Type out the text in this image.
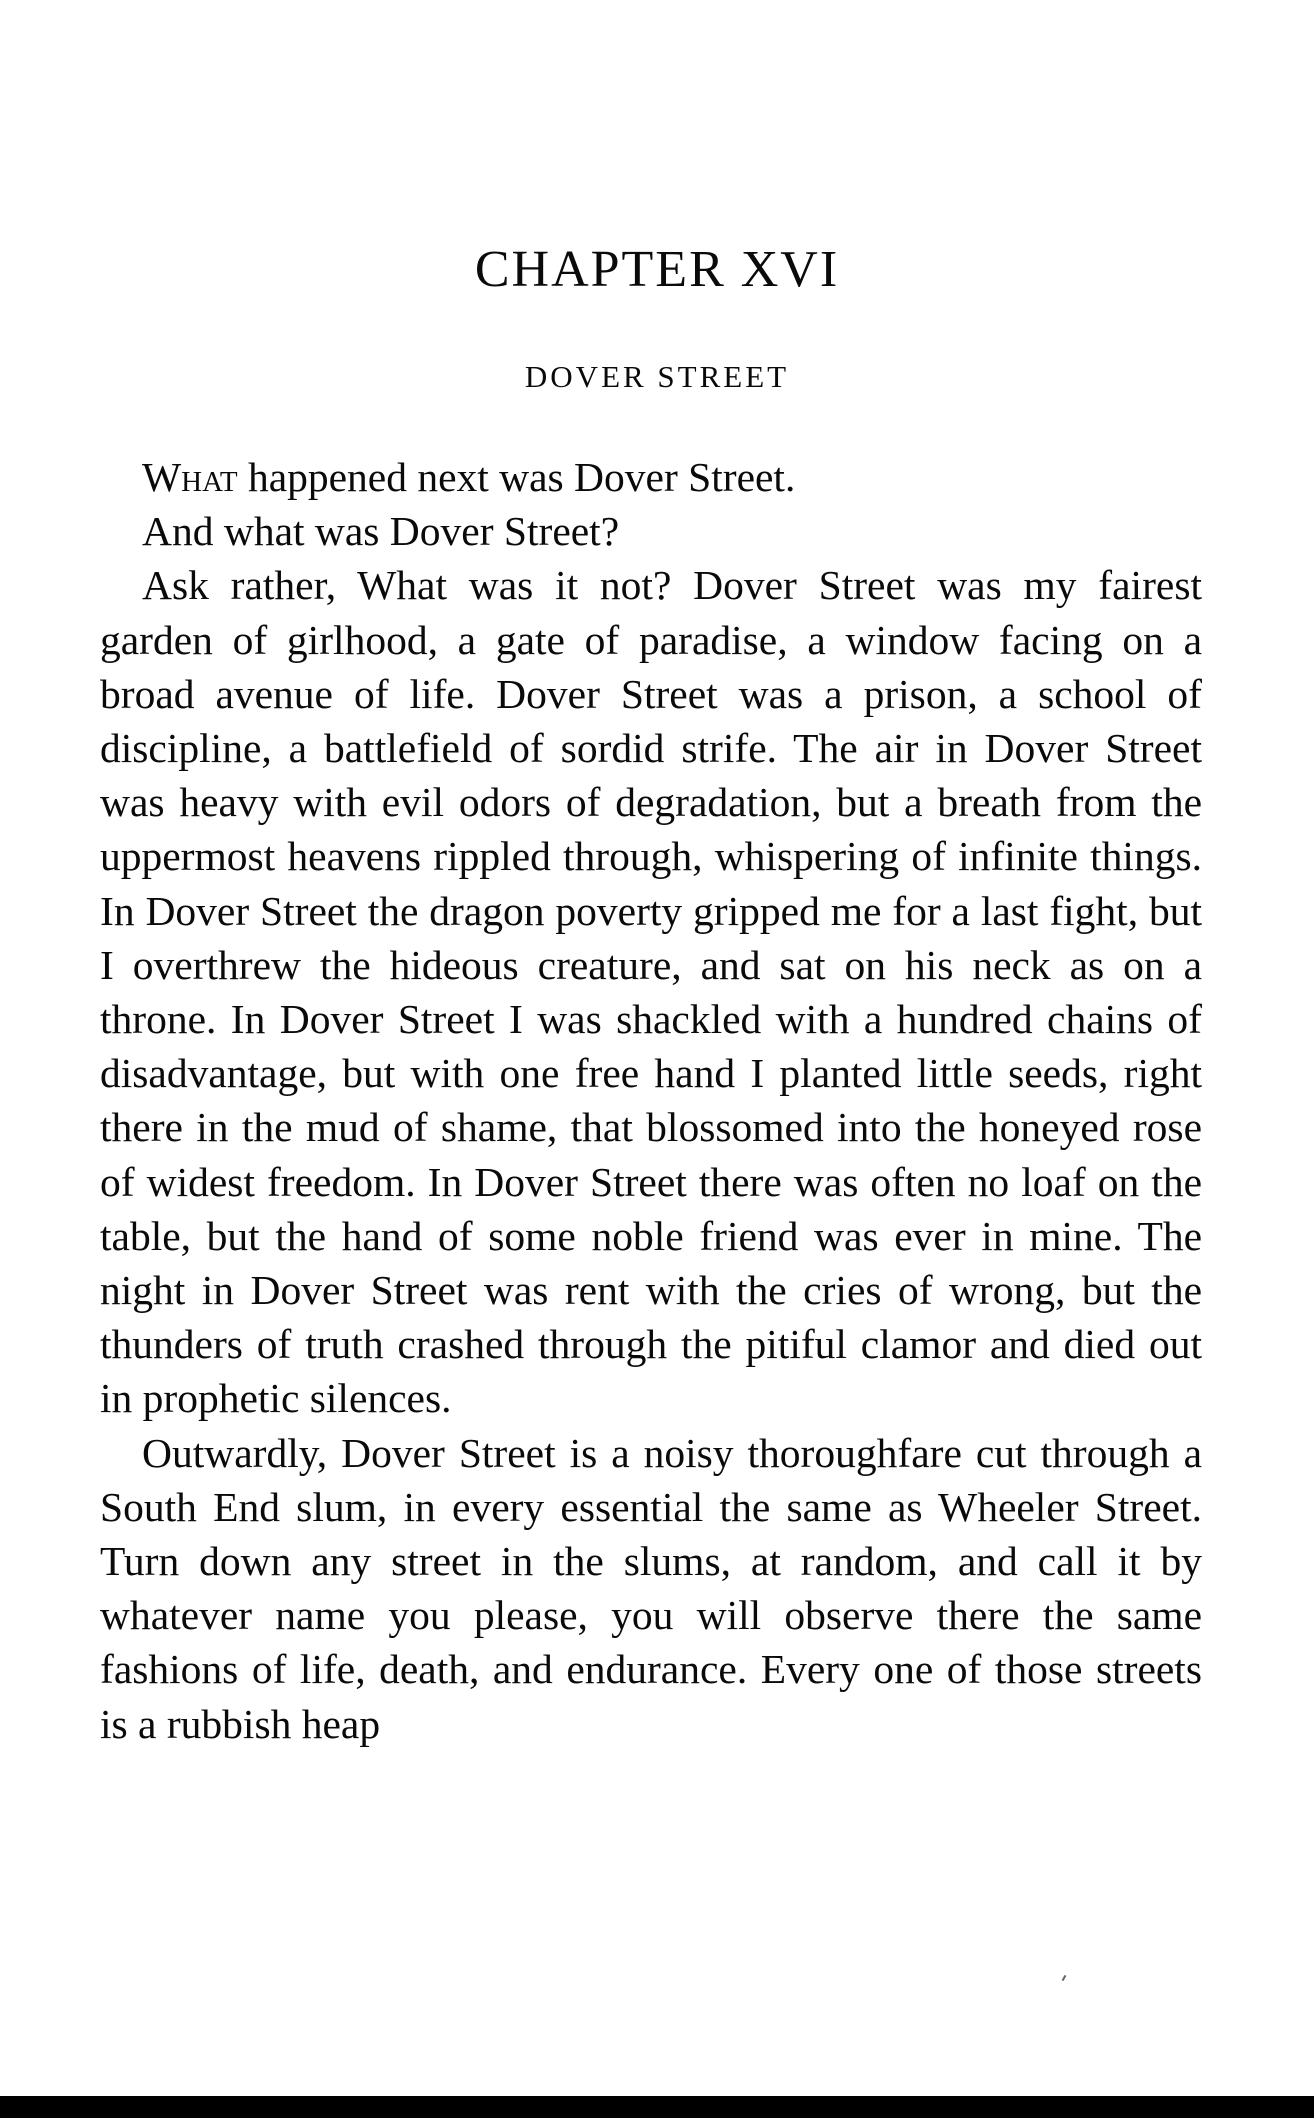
CHAPTER XVI
DOVER STREET

What happened next was Dover Street.

And what was Dover Street?

Ask rather, What was it not? Dover Street was my fairest garden of girlhood, a gate of paradise, a window facing on a broad avenue of life. Dover Street was a prison, a school of discipline, a battlefield of sordid strife. The air in Dover Street was heavy with evil odors of degradation, but a breath from the uppermost heavens rippled through, whispering of infinite things. In Dover Street the dragon poverty gripped me for a last fight, but I overthrew the hideous creature, and sat on his neck as on a throne. In Dover Street I was shackled with a hundred chains of disadvantage, but with one free hand I planted little seeds, right there in the mud of shame, that blossomed into the honeyed rose of widest freedom. In Dover Street there was often no loaf on the table, but the hand of some noble friend was ever in mine. The night in Dover Street was rent with the cries of wrong, but the thunders of truth crashed through the pitiful clamor and died out in prophetic silences.

Outwardly, Dover Street is a noisy thoroughfare cut through a South End slum, in every essential the same as Wheeler Street. Turn down any street in the slums, at random, and call it by whatever name you please, you will observe there the same fashions of life, death, and endurance. Every one of those streets is a rubbish heap
